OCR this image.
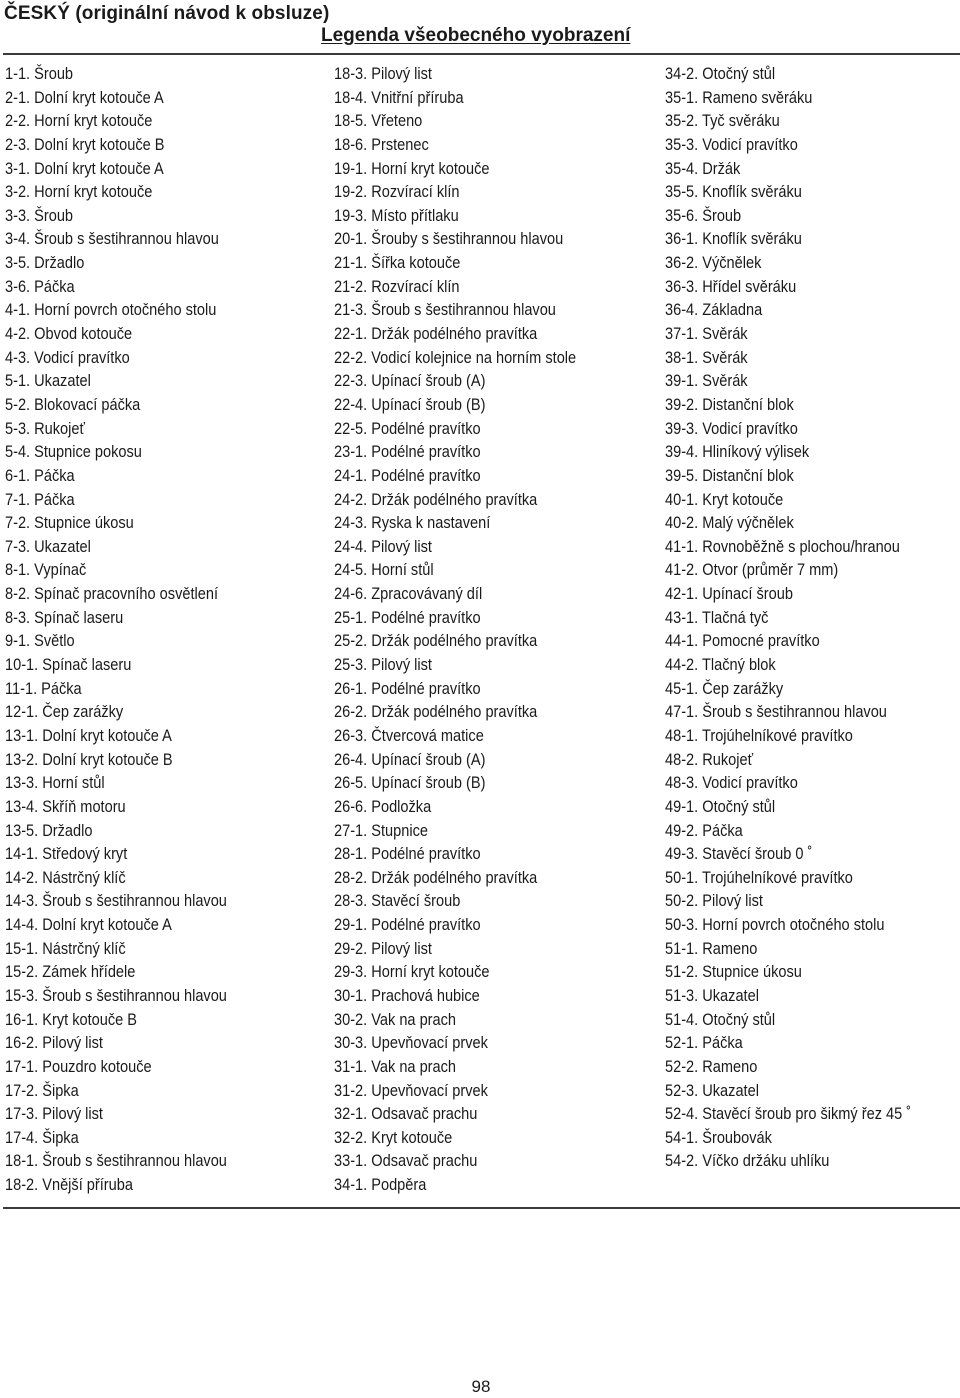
ČESKÝ (originální návod k obsluze)
Legenda všeobecného vyobrazení
1-1. Šroub
2-1. Dolní kryt kotouče A
2-2. Horní kryt kotouče
2-3. Dolní kryt kotouče B
3-1. Dolní kryt kotouče A
3-2. Horní kryt kotouče
3-3. Šroub
3-4. Šroub s šestihrannou hlavou
3-5. Držadlo
3-6. Páčka
4-1. Horní povrch otočného stolu
4-2. Obvod kotouče
4-3. Vodicí pravítko
5-1. Ukazatel
5-2. Blokovací páčka
5-3. Rukojeť
5-4. Stupnice pokosu
6-1. Páčka
7-1. Páčka
7-2. Stupnice úkosu
7-3. Ukazatel
8-1. Vypínač
8-2. Spínač pracovního osvětlení
8-3. Spínač laseru
9-1. Světlo
10-1. Spínač laseru
11-1. Páčka
12-1. Čep zarážky
13-1. Dolní kryt kotouče A
13-2. Dolní kryt kotouče B
13-3. Horní stůl
13-4. Skříň motoru
13-5. Držadlo
14-1. Středový kryt
14-2. Nástrčný klíč
14-3. Šroub s šestihrannou hlavou
14-4. Dolní kryt kotouče A
15-1. Nástrčný klíč
15-2. Zámek hřídele
15-3. Šroub s šestihrannou hlavou
16-1. Kryt kotouče B
16-2. Pilový list
17-1. Pouzdro kotouče
17-2. Šipka
17-3. Pilový list
17-4. Šipka
18-1. Šroub s šestihrannou hlavou
18-2. Vnější příruba
18-3. Pilový list
18-4. Vnitřní příruba
18-5. Vřeteno
18-6. Prstenec
19-1. Horní kryt kotouče
19-2. Rozvírací klín
19-3. Místo přítlaku
20-1. Šrouby s šestihrannou hlavou
21-1. Šířka kotouče
21-2. Rozvírací klín
21-3. Šroub s šestihrannou hlavou
22-1. Držák podélného pravítka
22-2. Vodicí kolejnice na horním stole
22-3. Upínací šroub (A)
22-4. Upínací šroub (B)
22-5. Podélné pravítko
23-1. Podélné pravítko
24-1. Podélné pravítko
24-2. Držák podélného pravítka
24-3. Ryska k nastavení
24-4. Pilový list
24-5. Horní stůl
24-6. Zpracovávaný díl
25-1. Podélné pravítko
25-2. Držák podélného pravítka
25-3. Pilový list
26-1. Podélné pravítko
26-2. Držák podélného pravítka
26-3. Čtvercová matice
26-4. Upínací šroub (A)
26-5. Upínací šroub (B)
26-6. Podložka
27-1. Stupnice
28-1. Podélné pravítko
28-2. Držák podélného pravítka
28-3. Stavěcí šroub
29-1. Podélné pravítko
29-2. Pilový list
29-3. Horní kryt kotouče
30-1. Prachová hubice
30-2. Vak na prach
30-3. Upevňovací prvek
31-1. Vak na prach
31-2. Upevňovací prvek
32-1. Odsavač prachu
32-2. Kryt kotouče
33-1. Odsavač prachu
34-1. Podpěra
34-2. Otočný stůl
35-1. Rameno svěráku
35-2. Tyč svěráku
35-3. Vodicí pravítko
35-4. Držák
35-5. Knoflík svěráku
35-6. Šroub
36-1. Knoflík svěráku
36-2. Výčnělek
36-3. Hřídel svěráku
36-4. Základna
37-1. Svěrák
38-1. Svěrák
39-1. Svěrák
39-2. Distanční blok
39-3. Vodicí pravítko
39-4. Hliníkový výlisek
39-5. Distanční blok
40-1. Kryt kotouče
40-2. Malý výčnělek
41-1. Rovnoběžně s plochou/hranou
41-2. Otvor (průměr 7 mm)
42-1. Upínací šroub
43-1. Tlačná tyč
44-1. Pomocné pravítko
44-2. Tlačný blok
45-1. Čep zarážky
47-1. Šroub s šestihrannou hlavou
48-1. Trojúhelníkové pravítko
48-2. Rukojeť
48-3. Vodicí pravítko
49-1. Otočný stůl
49-2. Páčka
49-3. Stavěcí šroub 0 ˚
50-1. Trojúhelníkové pravítko
50-2. Pilový list
50-3. Horní povrch otočného stolu
51-1. Rameno
51-2. Stupnice úkosu
51-3. Ukazatel
51-4. Otočný stůl
52-1. Páčka
52-2. Rameno
52-3. Ukazatel
52-4. Stavěcí šroub pro šikmý řez 45 ˚
54-1. Šroubovák
54-2. Víčko držáku uhlíku
98
